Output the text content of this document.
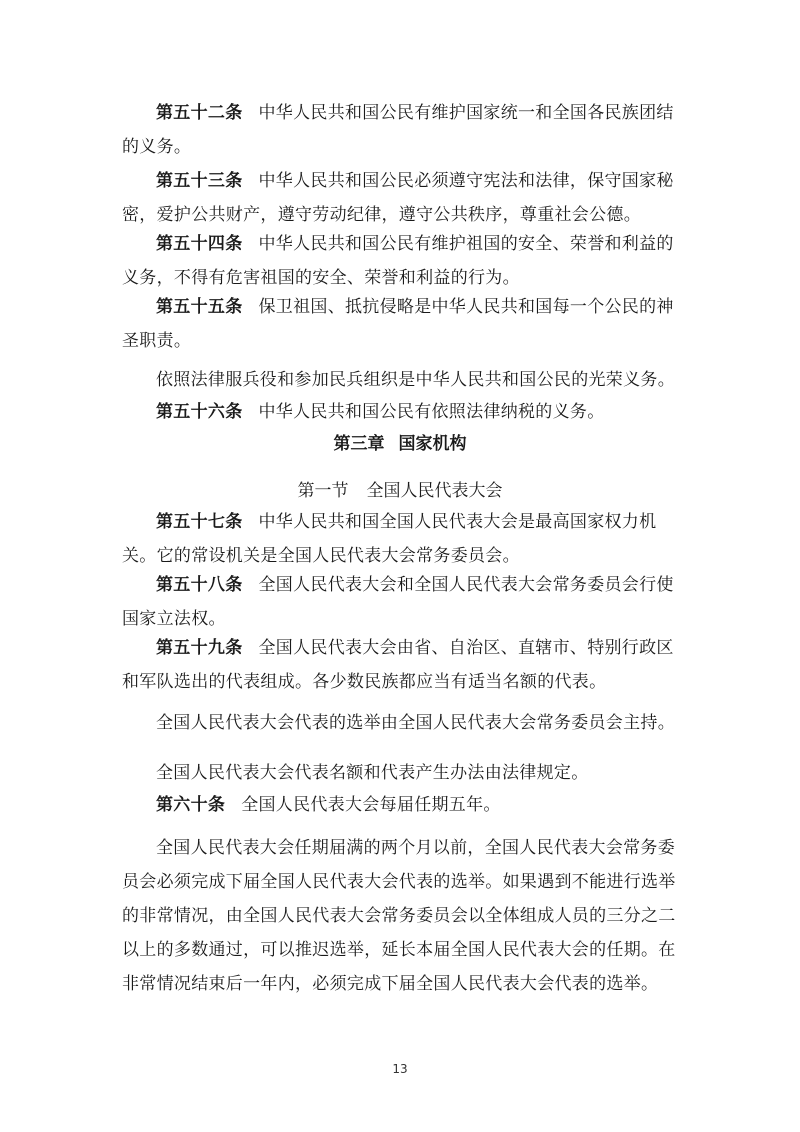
第五十二条 中华人民共和国公民有维护国家统一和全国各民族团结的义务。

第五十三条 中华人民共和国公民必须遵守宪法和法律，保守国家秘密，爱护公共财产，遵守劳动纪律，遵守公共秩序，尊重社会公德。

第五十四条 中华人民共和国公民有维护祖国的安全、荣誉和利益的义务，不得有危害祖国的安全、荣誉和利益的行为。

第五十五条 保卫祖国、抵抗侵略是中华人民共和国每一个公民的神圣职责。

依照法律服兵役和参加民兵组织是中华人民共和国公民的光荣义务。

第五十六条 中华人民共和国公民有依照法律纳税的义务。

第三章 国家机构

第一节 全国人民代表大会

第五十七条 中华人民共和国全国人民代表大会是最高国家权力机关。它的常设机关是全国人民代表大会常务委员会。

第五十八条 全国人民代表大会和全国人民代表大会常务委员会行使国家立法权。

第五十九条 全国人民代表大会由省、自治区、直辖市、特别行政区和军队选出的代表组成。各少数民族都应当有适当名额的代表。

全国人民代表大会代表的选举由全国人民代表大会常务委员会主持。

全国人民代表大会代表名额和代表产生办法由法律规定。

第六十条 全国人民代表大会每届任期五年。

全国人民代表大会任期届满的两个月以前，全国人民代表大会常务委员会必须完成下届全国人民代表大会代表的选举。如果遇到不能进行选举的非常情况，由全国人民代表大会常务委员会以全体组成人员的三分之二以上的多数通过，可以推迟选举，延长本届全国人民代表大会的任期。在非常情况结束后一年内，必须完成下届全国人民代表大会代表的选举。

13
